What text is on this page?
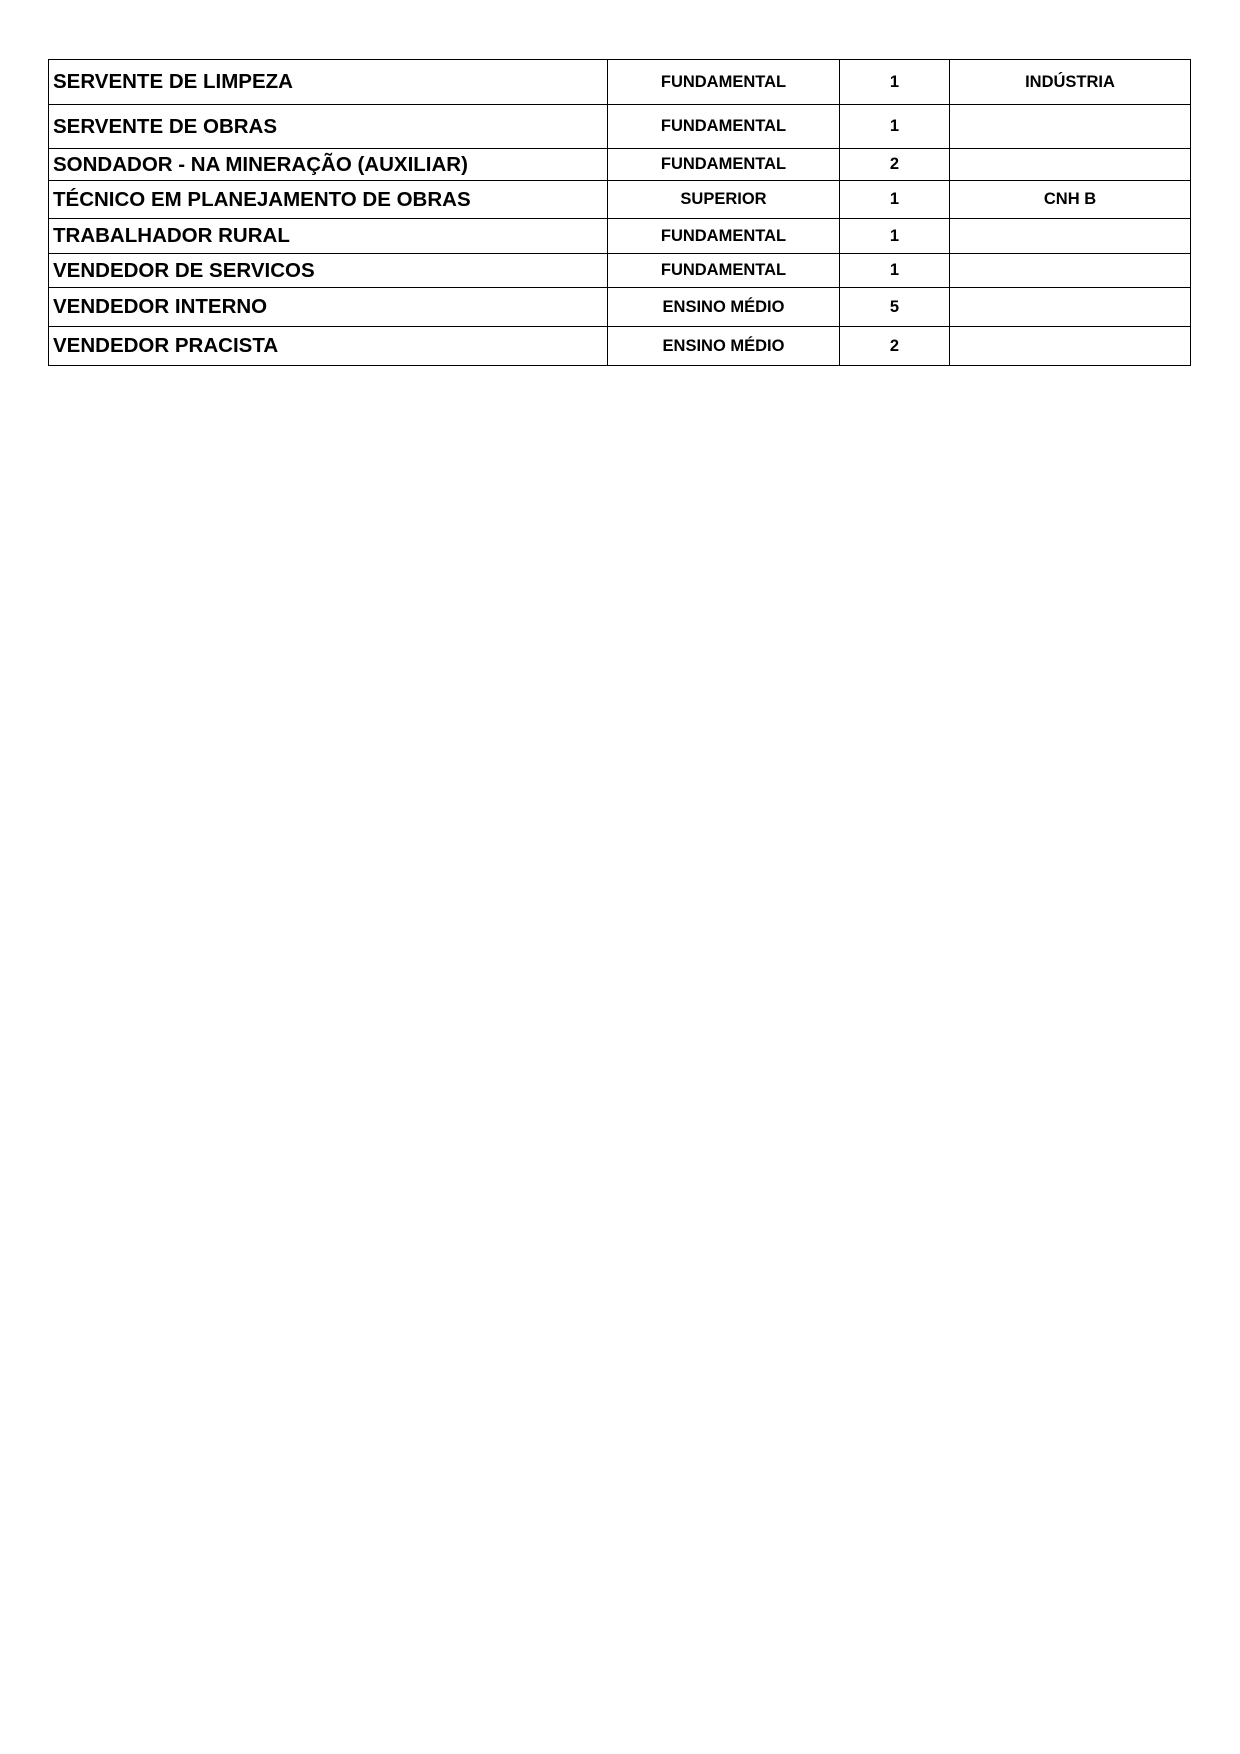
SERVENTE DE LIMPEZA	FUNDAMENTAL	1	INDÚSTRIA
SERVENTE DE OBRAS	FUNDAMENTAL	1	
SONDADOR - NA MINERAÇÃO (AUXILIAR)	FUNDAMENTAL	2	
TÉCNICO EM PLANEJAMENTO DE OBRAS	SUPERIOR	1	CNH B
TRABALHADOR RURAL	FUNDAMENTAL	1	
VENDEDOR DE SERVICOS	FUNDAMENTAL	1	
VENDEDOR INTERNO	ENSINO MÉDIO	5	
VENDEDOR PRACISTA	ENSINO MÉDIO	2	
